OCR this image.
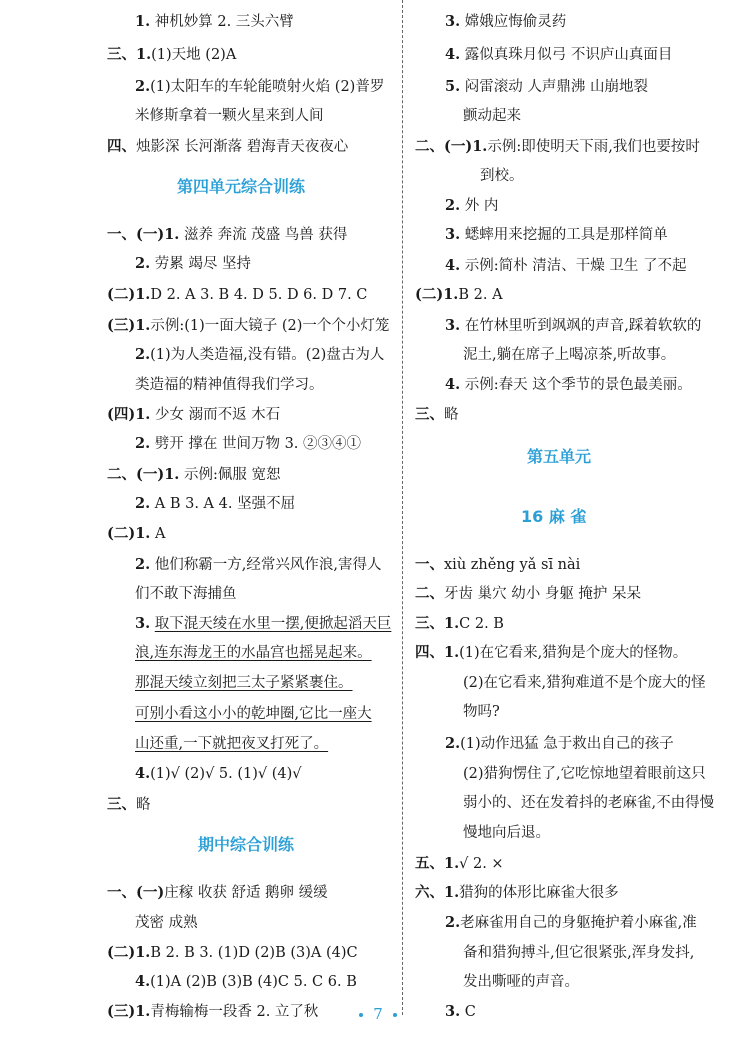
1. 神机妙算 2. 三头六臂
三、1.(1)天地 (2)A
2.(1)太阳车的车轮能喷射火焰 (2)普罗
米修斯拿着一颗火星来到人间
四、烛影深 长河渐落 碧海青天夜夜心
第四单元综合训练
一、(一)1. 滋养 奔流 茂盛 鸟兽 获得
2. 劳累 竭尽 坚持
(二)1.D 2. A 3. B 4. D 5. D 6. D 7. C
(三)1.示例:(1)一面大镜子 (2)一个个小灯笼
2.(1)为人类造福,没有错。(2)盘古为人
类造福的精神值得我们学习。
(四)1. 少女 溺而不返 木石
2. 劈开 撑在 世间万物 3. ②③④①
二、(一)1. 示例:佩服 宽恕
2. A B 3. A 4. 坚强不屈
(二)1. A
2. 他们称霸一方,经常兴风作浪,害得人
们不敢下海捕鱼
3. 取下混天绫在水里一摆,便掀起滔天巨
浪,连东海龙王的水晶宫也摇晃起来。
那混天绫立刻把三太子紧紧裹住。
可别小看这小小的乾坤圈,它比一座大
山还重,一下就把夜叉打死了。
4.(1)√ (2)√ 5. (1)√ (4)√
三、略
期中综合训练
一、(一)庄稼 收获 舒适 鹅卵 缓缓
茂密 成熟
(二)1.B 2. B 3. (1)D (2)B (3)A (4)C
4.(1)A (2)B (3)B (4)C 5. C 6. B
(三)1.青梅输梅一段香 2. 立了秋
3. 嫦娥应悔偷灵药
4. 露似真珠月似弓 不识庐山真面目
5. 闷雷滚动 人声鼎沸 山崩地裂
颤动起来
二、(一)1.示例:即使明天下雨,我们也要按时
到校。
2. 外 内
3. 蟋蟀用来挖掘的工具是那样简单
4. 示例:简朴 清洁、干燥 卫生 了不起
(二)1.B 2. A
3. 在竹林里听到飒飒的声音,踩着软软的
泥土,躺在席子上喝凉茶,听故事。
4. 示例:春天 这个季节的景色最美丽。
三、略
第五单元
16 麻 雀
一、xiù zhěng yǎ sī nài
二、牙齿 巢穴 幼小 身躯 掩护 呆呆
三、1.C 2. B
四、1.(1)在它看来,猎狗是个庞大的怪物。
(2)在它看来,猎狗难道不是个庞大的怪
物吗?
2.(1)动作迅猛 急于救出自己的孩子
(2)猎狗愣住了,它吃惊地望着眼前这只
弱小的、还在发着抖的老麻雀,不由得慢
慢地向后退。
五、1.√ 2. ×
六、1.猎狗的体形比麻雀大很多
2.老麻雀用自己的身躯掩护着小麻雀,准
备和猎狗搏斗,但它很紧张,浑身发抖,
发出嘶哑的声音。
3. C
7
